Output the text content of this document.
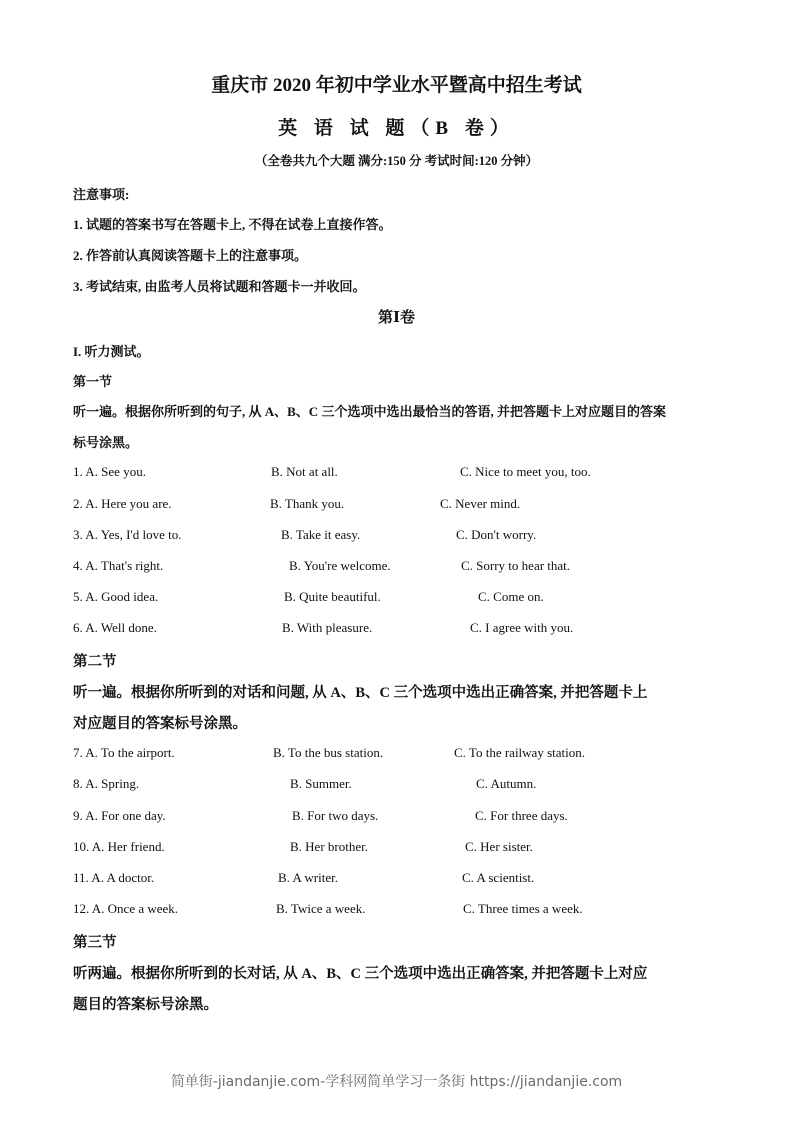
重庆市 2020 年初中学业水平暨高中招生考试
英 语 试 题（B 卷）
（全卷共九个大题 满分:150 分 考试时间:120 分钟）
注意事项:
1. 试题的答案书写在答题卡上, 不得在试卷上直接作答。
2. 作答前认真阅读答题卡上的注意事项。
3. 考试结束, 由监考人员将试题和答题卡一并收回。
第Ⅰ卷
I. 听力测试。
第一节
听一遍。根据你所听到的句子, 从 A、B、C 三个选项中选出最恰当的答语, 并把答题卡上对应题目的答案
标号涂黑。
1. A. See you.	B. Not at all.	C. Nice to meet you, too.
2. A. Here you are.	B. Thank you.	C. Never mind.
3. A. Yes, I'd love to.	B. Take it easy.	C. Don't worry.
4. A. That's right.	B. You're welcome.	C. Sorry to hear that.
5. A. Good idea.	B. Quite beautiful.	C. Come on.
6. A. Well done.	B. With pleasure.	C. I agree with you.
第二节
听一遍。根据你所听到的对话和问题, 从 A、B、C 三个选项中选出正确答案, 并把答题卡上
对应题目的答案标号涂黑。
7. A. To the airport.	B. To the bus station.	C. To the railway station.
8. A. Spring.	B. Summer.	C. Autumn.
9. A. For one day.	B. For two days.	C. For three days.
10. A. Her friend.	B. Her brother.	C. Her sister.
11. A. A doctor.	B. A writer.	C. A scientist.
12. A. Once a week.	B. Twice a week.	C. Three times a week.
第三节
听两遍。根据你所听到的长对话, 从 A、B、C 三个选项中选出正确答案, 并把答题卡上对应
题目的答案标号涂黑。
简单街-jiandanjie.com-学科网简单学习一条街 https://jiandanjie.com
